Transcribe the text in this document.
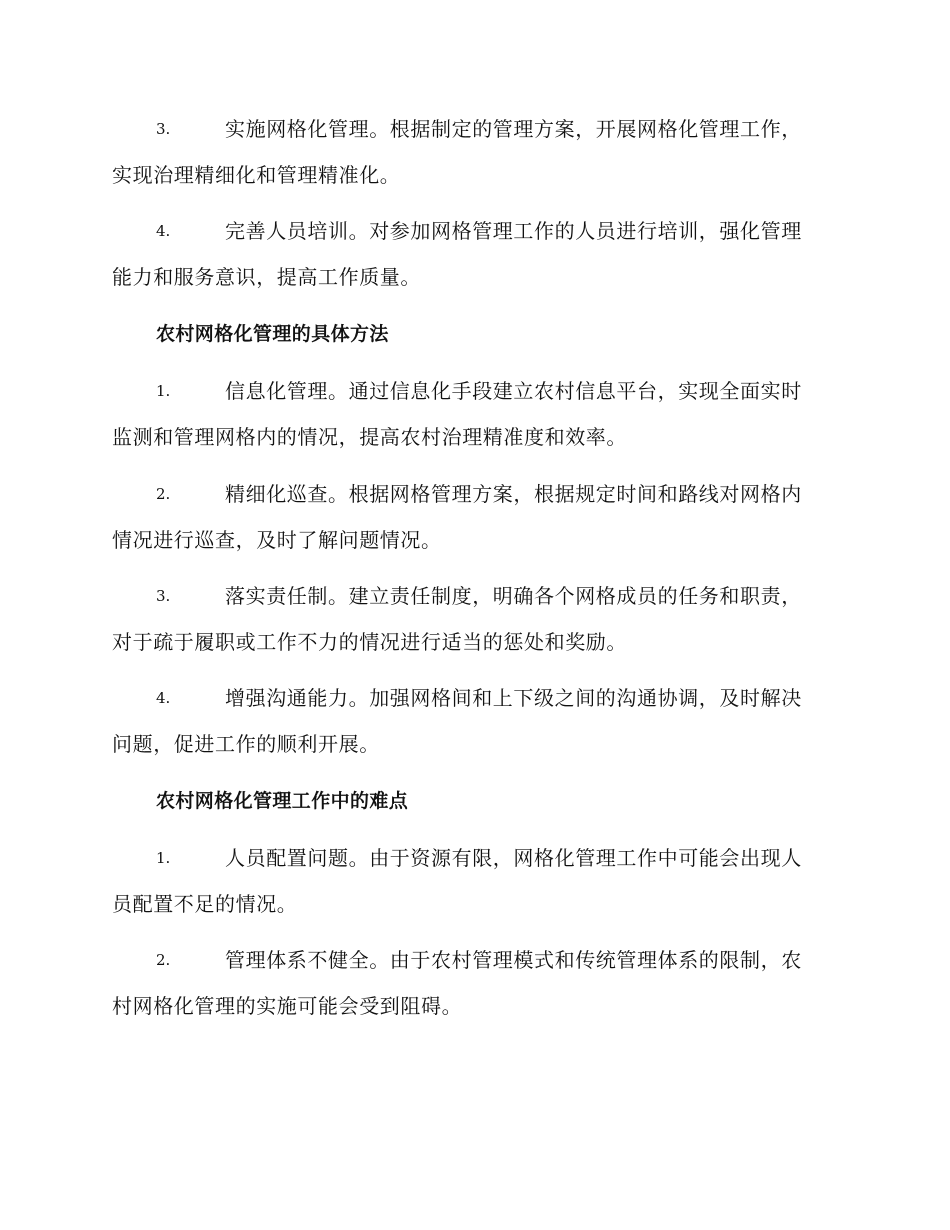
3.	实施网格化管理。根据制定的管理方案，开展网格化管理工作，
实现治理精细化和管理精准化。
4.	完善人员培训。对参加网格管理工作的人员进行培训，强化管理
能力和服务意识，提高工作质量。
农村网格化管理的具体方法
1.	信息化管理。通过信息化手段建立农村信息平台，实现全面实时
监测和管理网格内的情况，提高农村治理精准度和效率。
2.	精细化巡查。根据网格管理方案，根据规定时间和路线对网格内
情况进行巡查，及时了解问题情况。
3.	落实责任制。建立责任制度，明确各个网格成员的任务和职责，
对于疏于履职或工作不力的情况进行适当的惩处和奖励。
4.	增强沟通能力。加强网格间和上下级之间的沟通协调，及时解决
问题，促进工作的顺利开展。
农村网格化管理工作中的难点
1.	人员配置问题。由于资源有限，网格化管理工作中可能会出现人
员配置不足的情况。
2.	管理体系不健全。由于农村管理模式和传统管理体系的限制，农
村网格化管理的实施可能会受到阻碍。
